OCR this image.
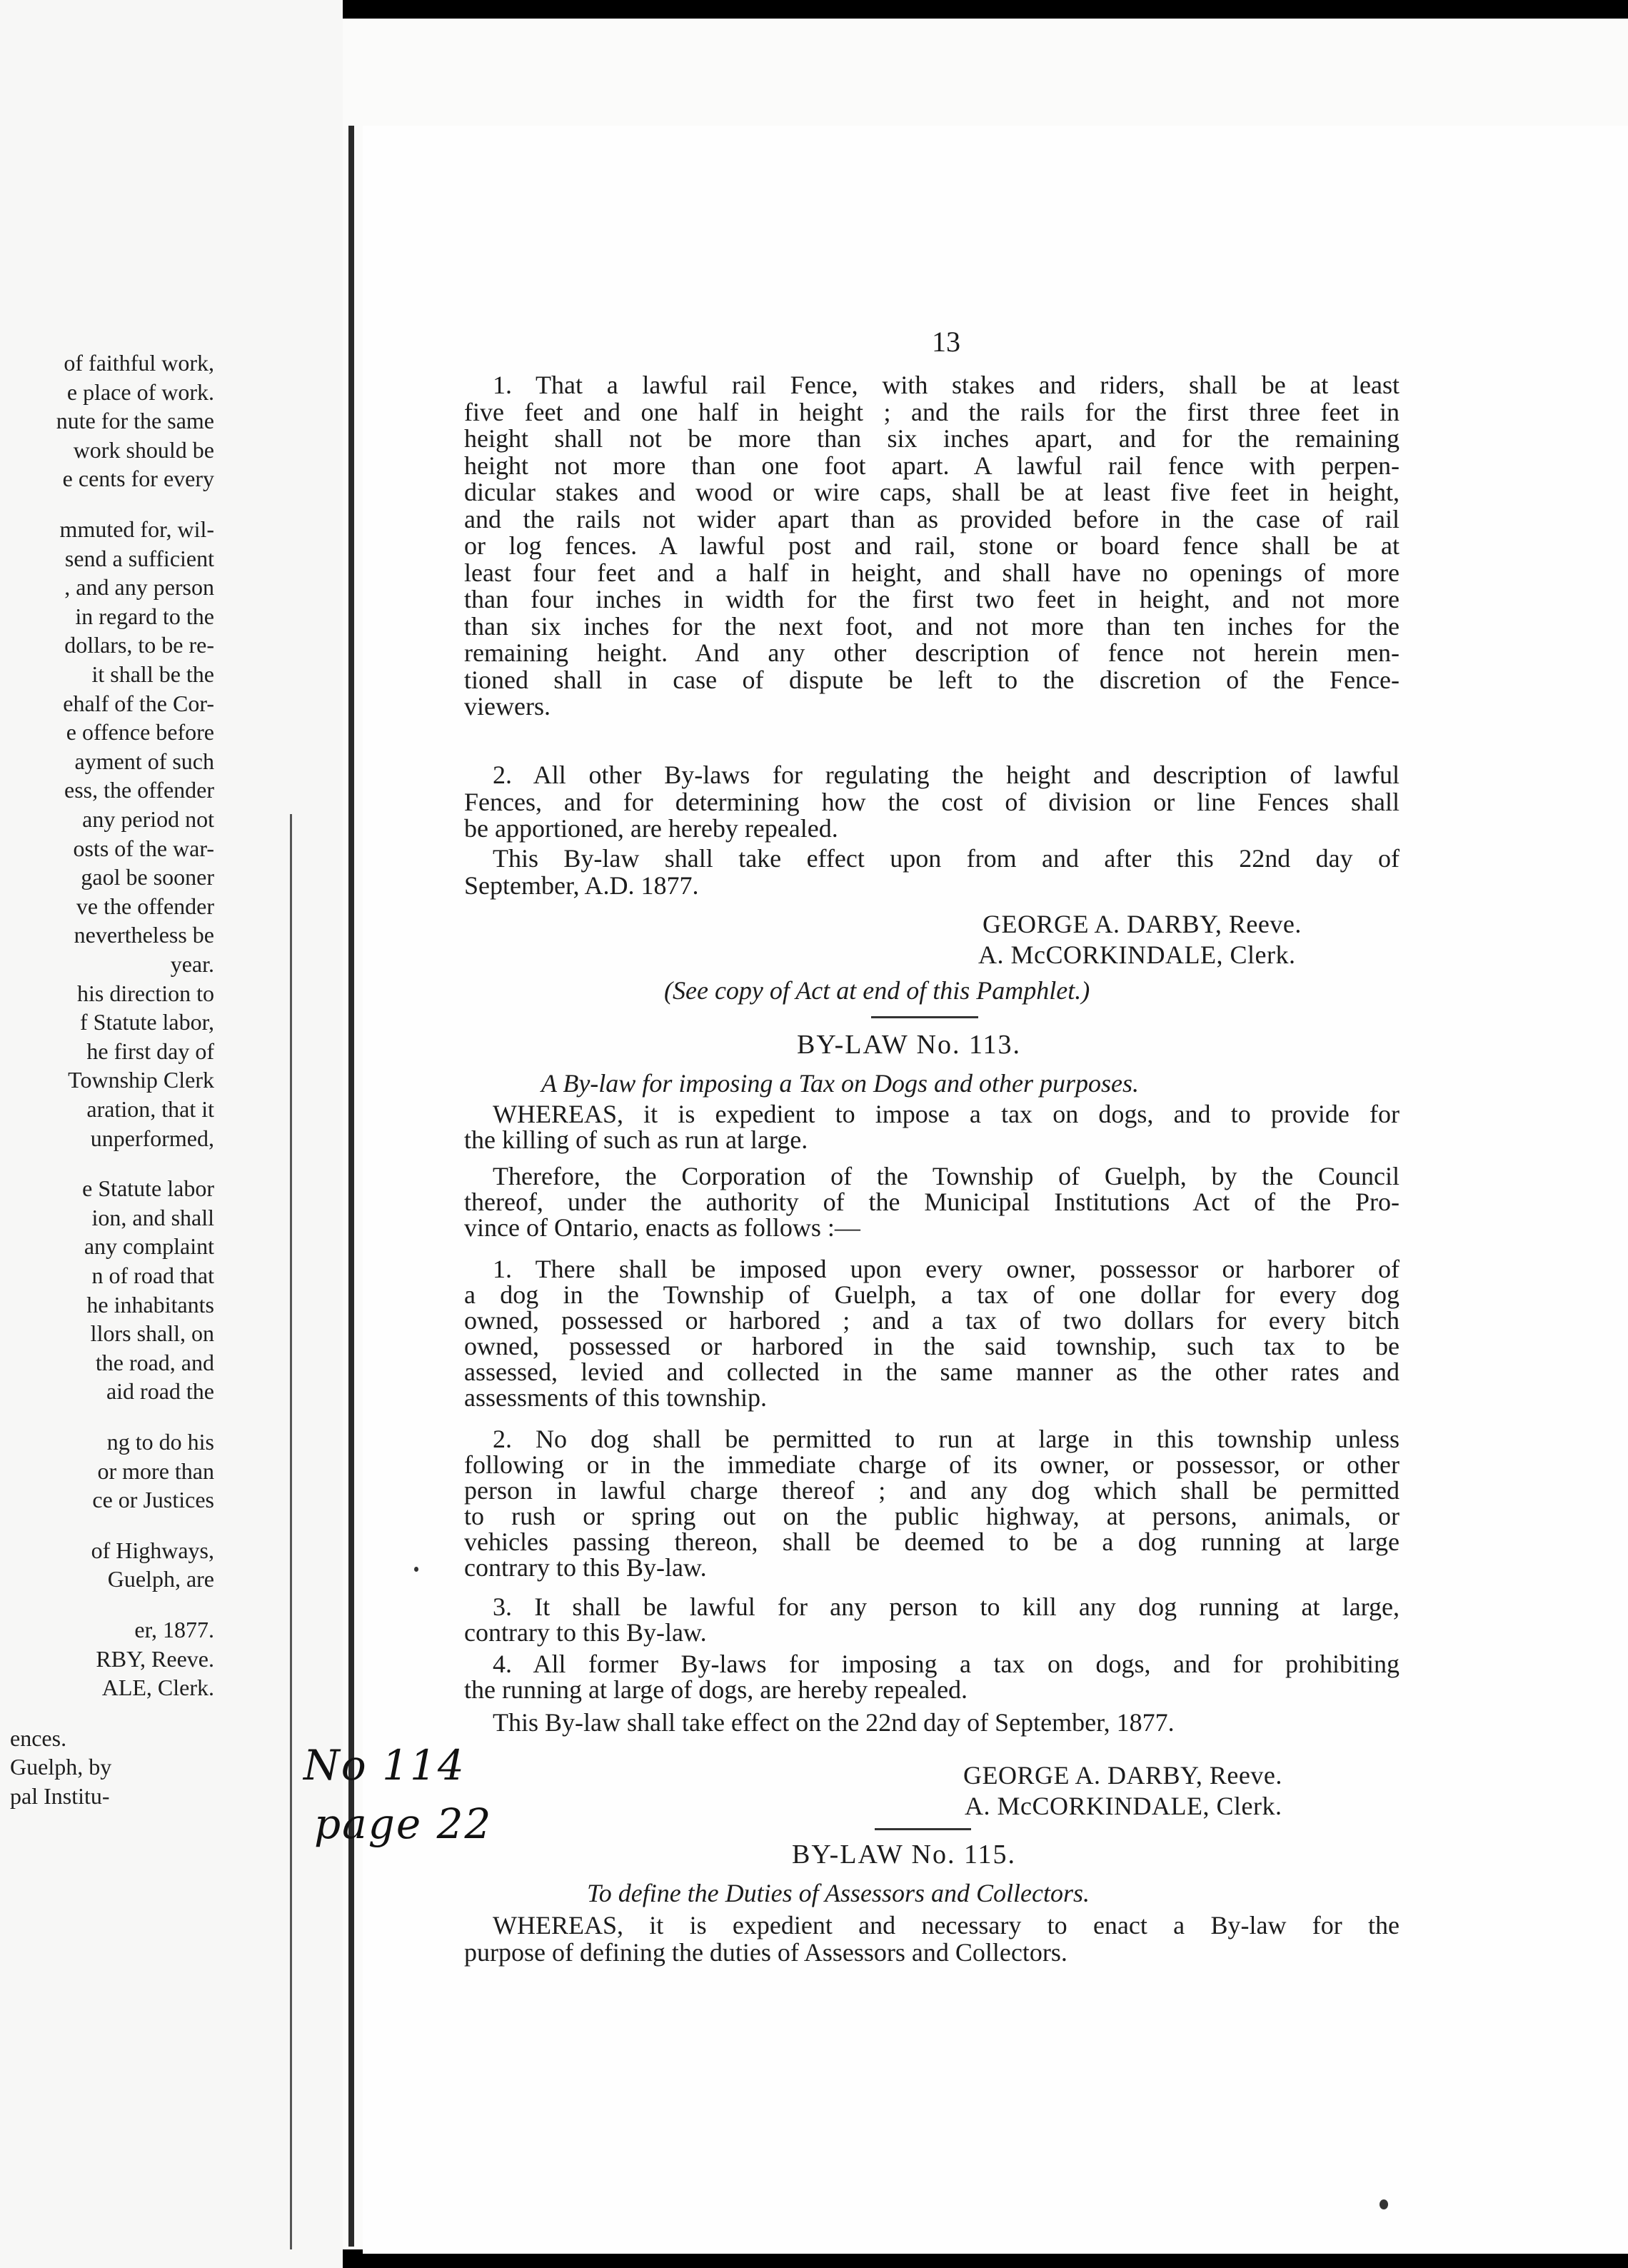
of faithful work,
e place of work.
nute for the same
work should be
e cents for every
mmuted for, wil-
send a sufficient
, and any person
in regard to the
dollars, to be re-
it shall be the
ehalf of the Cor-
e offence before
ayment of such
ess, the offender
any period not
osts of the war-
gaol be sooner
ve the offender
nevertheless be
year.
his direction to
f Statute labor,
he first day of
Township Clerk
aration, that it
unperformed,
e Statute labor
ion, and shall
any complaint
n of road that
he inhabitants
llors shall, on
the road, and
aid road the
ng to do his
or more than
ce or Justices
of Highways,
Guelph, are
er, 1877.
RBY, Reeve.
ALE, Clerk.
ences.
Guelph, by
pal Institu-
13
1. That a lawful rail Fence, with stakes and riders, shall be at least
five feet and one half in height ; and the rails for the first three feet in
height shall not be more than six inches apart, and for the remaining
height not more than one foot apart. A lawful rail fence with perpen-
dicular stakes and wood or wire caps, shall be at least five feet in height,
and the rails not wider apart than as provided before in the case of rail
or log fences. A lawful post and rail, stone or board fence shall be at
least four feet and a half in height, and shall have no openings of more
than four inches in width for the first two feet in height, and not more
than six inches for the next foot, and not more than ten inches for the
remaining height. And any other description of fence not herein men-
tioned shall in case of dispute be left to the discretion of the Fence-
viewers.
2. All other By-laws for regulating the height and description of lawful
Fences, and for determining how the cost of division or line Fences shall
be apportioned, are hereby repealed.
This By-law shall take effect upon from and after this 22nd day of
September, A.D. 1877.
GEORGE A. DARBY, Reeve.
A. McCORKINDALE, Clerk.
(See copy of Act at end of this Pamphlet.)
BY-LAW No. 113.
A By-law for imposing a Tax on Dogs and other purposes.
WHEREAS, it is expedient to impose a tax on dogs, and to provide for
the killing of such as run at large.
Therefore, the Corporation of the Township of Guelph, by the Council
thereof, under the authority of the Municipal Institutions Act of the Pro-
vince of Ontario, enacts as follows :—
1. There shall be imposed upon every owner, possessor or harborer of
a dog in the Township of Guelph, a tax of one dollar for every dog
owned, possessed or harbored ; and a tax of two dollars for every bitch
owned, possessed or harbored in the said township, such tax to be
assessed, levied and collected in the same manner as the other rates and
assessments of this township.
2. No dog shall be permitted to run at large in this township unless
following or in the immediate charge of its owner, or possessor, or other
person in lawful charge thereof ; and any dog which shall be permitted
to rush or spring out on the public highway, at persons, animals, or
vehicles passing thereon, shall be deemed to be a dog running at large
contrary to this By-law.
3. It shall be lawful for any person to kill any dog running at large,
contrary to this By-law.
4. All former By-laws for imposing a tax on dogs, and for prohibiting
the running at large of dogs, are hereby repealed.
This By-law shall take effect on the 22nd day of September, 1877.
GEORGE A. DARBY, Reeve.
A. McCORKINDALE, Clerk.
No 114
page 22
BY-LAW No. 115.
To define the Duties of Assessors and Collectors.
WHEREAS, it is expedient and necessary to enact a By-law for the
purpose of defining the duties of Assessors and Collectors.
